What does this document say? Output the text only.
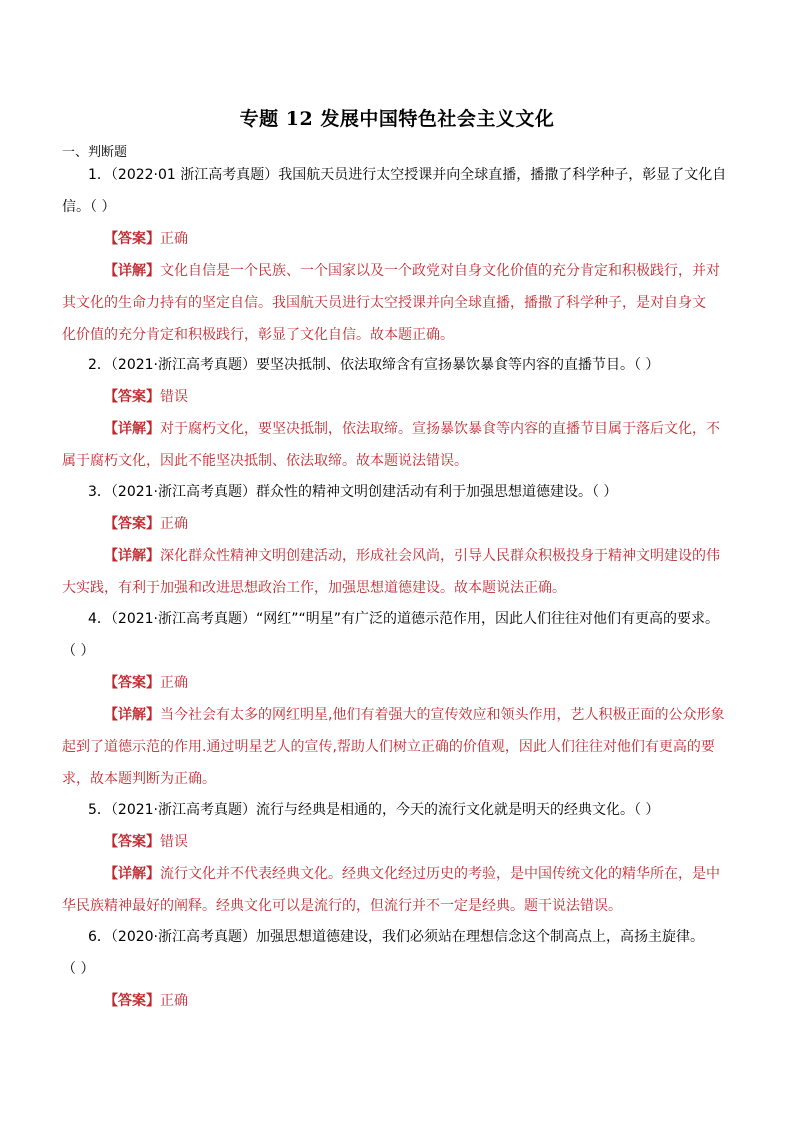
专题 12 发展中国特色社会主义文化
一、判断题
1．（2022·01 浙江高考真题）我国航天员进行太空授课并向全球直播，播撒了科学种子，彰显了文化自
信。（ ）
【答案】正确
【详解】文化自信是一个民族、一个国家以及一个政党对自身文化价值的充分肯定和积极践行，并对
其文化的生命力持有的坚定自信。我国航天员进行太空授课并向全球直播，播撒了科学种子，是对自身文
化价值的充分肯定和积极践行，彰显了文化自信。故本题正确。
2．（2021·浙江高考真题）要坚决抵制、依法取缔含有宣扬暴饮暴食等内容的直播节目。（ ）
【答案】错误
【详解】对于腐朽文化，要坚决抵制，依法取缔。宣扬暴饮暴食等内容的直播节目属于落后文化，不
属于腐朽文化，因此不能坚决抵制、依法取缔。故本题说法错误。
3．（2021·浙江高考真题）群众性的精神文明创建活动有利于加强思想道德建设。（ ）
【答案】正确
【详解】深化群众性精神文明创建活动，形成社会风尚，引导人民群众积极投身于精神文明建设的伟
大实践，有利于加强和改进思想政治工作，加强思想道德建设。故本题说法正确。
4．（2021·浙江高考真题）“网红”“明星”有广泛的道德示范作用，因此人们往往对他们有更高的要求。
（ ）
【答案】正确
【详解】当今社会有太多的网红明星,他们有着强大的宣传效应和领头作用，艺人积极正面的公众形象
起到了道德示范的作用.通过明星艺人的宣传,帮助人们树立正确的价值观，因此人们往往对他们有更高的要
求，故本题判断为正确。
5．（2021·浙江高考真题）流行与经典是相通的，今天的流行文化就是明天的经典文化。（ ）
【答案】错误
【详解】流行文化并不代表经典文化。经典文化经过历史的考验，是中国传统文化的精华所在，是中
华民族精神最好的阐释。经典文化可以是流行的，但流行并不一定是经典。题干说法错误。
6．（2020·浙江高考真题）加强思想道德建设，我们必须站在理想信念这个制高点上，高扬主旋律。
（ ）
【答案】正确
